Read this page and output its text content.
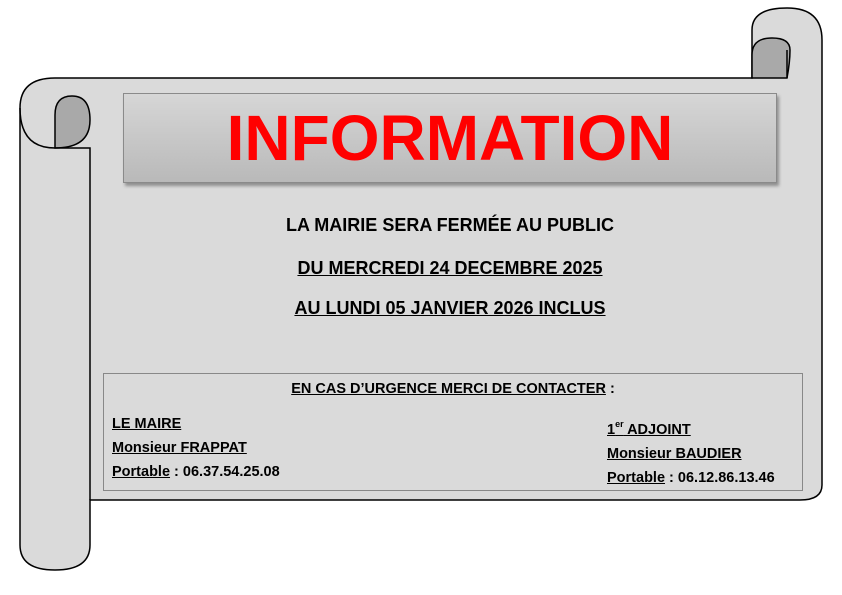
INFORMATION
LA MAIRIE SERA FERMÉE AU PUBLIC
DU MERCREDI 24 DECEMBRE 2025
AU LUNDI 05 JANVIER 2026 INCLUS
EN CAS D’URGENCE MERCI DE CONTACTER :
LE MAIRE
Monsieur FRAPPAT
Portable : 06.37.54.25.08
1er ADJOINT
Monsieur BAUDIER
Portable : 06.12.86.13.46
